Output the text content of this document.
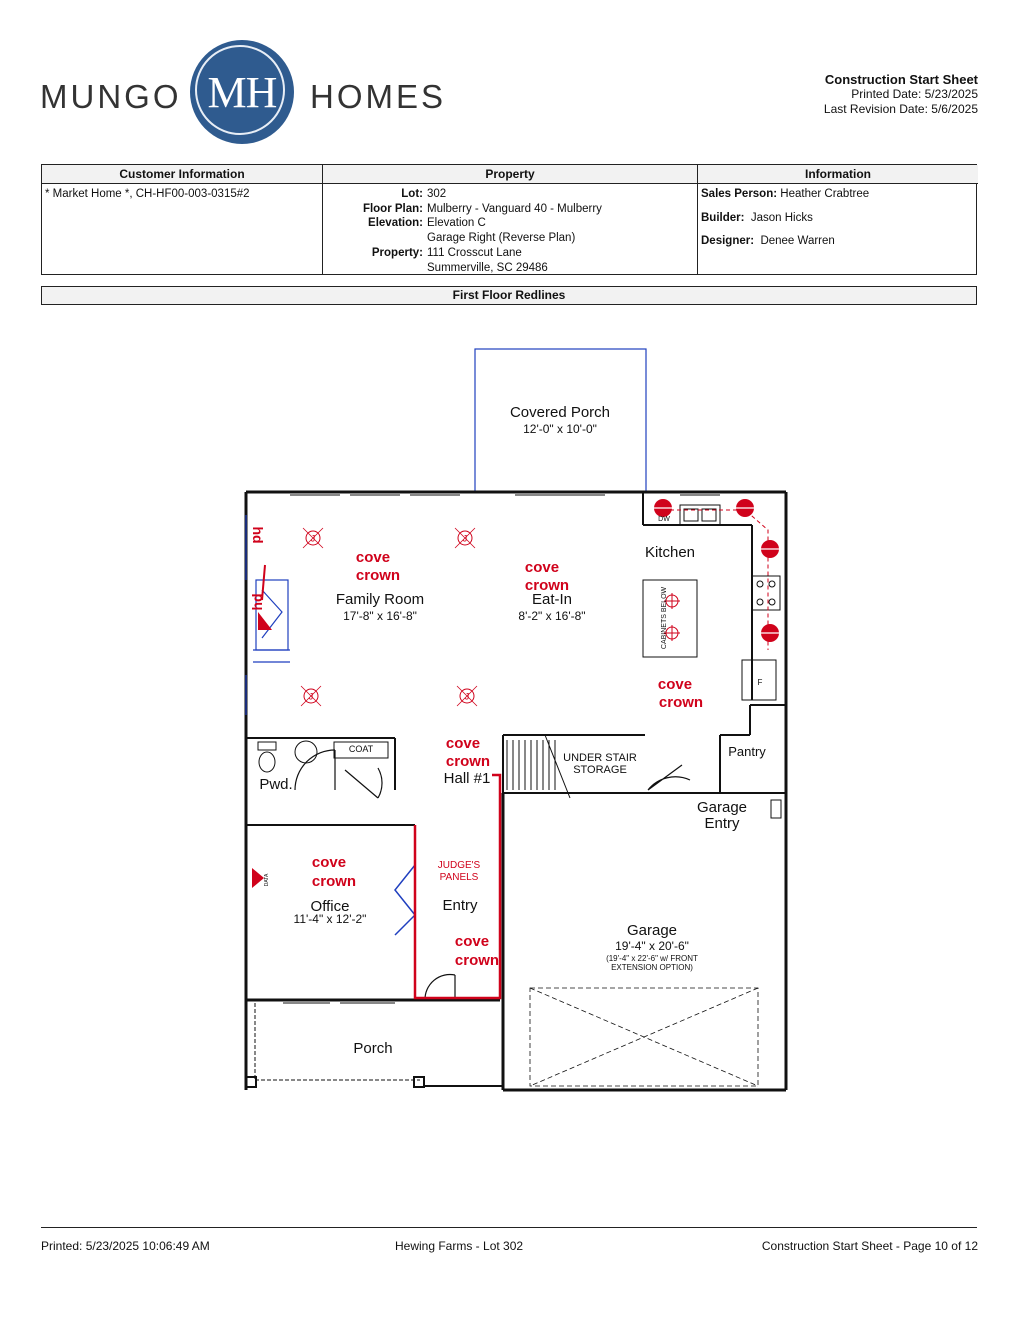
MUNGO MH HOMES	Construction Start Sheet
Printed Date: 5/23/2025
Last Revision Date: 5/6/2025
Customer Information
* Market Home *, CH-HF00-003-0315#2
Property
Lot: 302
Floor Plan: Mulberry - Vanguard 40 - Mulberry
Elevation: Elevation C
Garage Right (Reverse Plan)
Property: 111 Crosscut Lane
Summerville, SC 29486
Information
Sales Person: Heather Crabtree
Builder: Jason Hicks
Designer: Denee Warren
First Floor Redlines
Covered Porch
12'-0" x 10'-0"
Kitchen
Family Room
17'-8" x 16'-8"
Eat-In
8'-2" x 16'-8"
Pantry
UNDER STAIR
STORAGE
Hall #1
Pwd.
COAT
Garage
Entry
Office
11'-4" x 12'-2"
Entry
Garage
19'-4" x 20'-6"
(19'-4" x 22'-6" w/ FRONT
EXTENSION OPTION)
Porch
DW
F
CABINETS BELOW
DATA
cove
crown	cove
crown
cove
crown
cove
crown
cove
crown
cove
crown
hd
hd
JUDGE'S
PANELS
Printed: 5/23/2025 10:06:49 AM	Hewing Farms - Lot 302	Construction Start Sheet - Page 10 of 12
